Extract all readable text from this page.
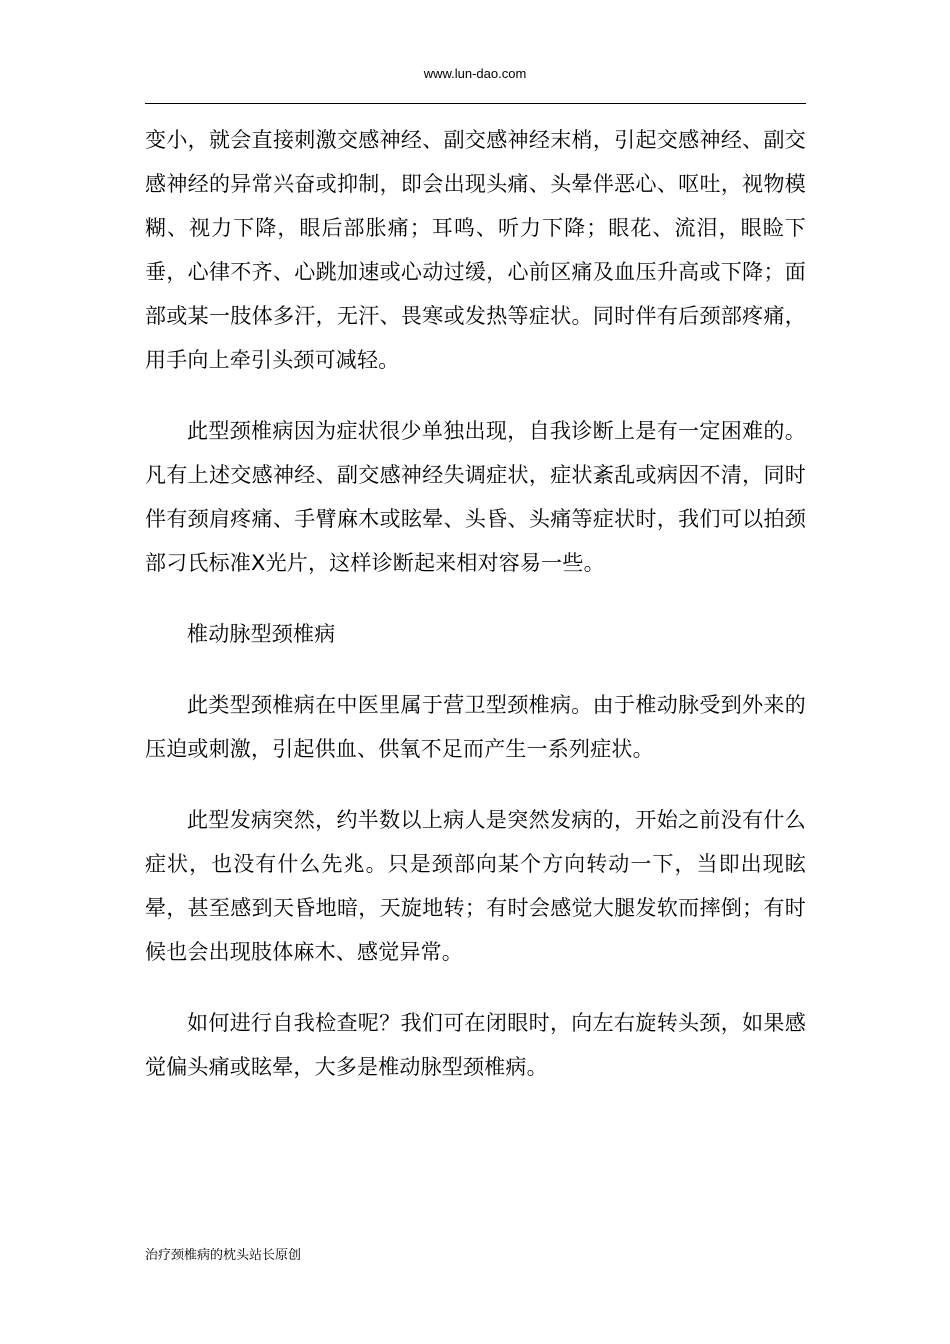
www.lun-dao.com

变小，就会直接刺激交感神经、副交感神经末梢，引起交感神经、副交感神经的异常兴奋或抑制，即会出现头痛、头晕伴恶心、呕吐，视物模糊、视力下降，眼后部胀痛；耳鸣、听力下降；眼花、流泪，眼睑下垂，心律不齐、心跳加速或心动过缓，心前区痛及血压升高或下降；面部或某一肢体多汗，无汗、畏寒或发热等症状。同时伴有后颈部疼痛，用手向上牵引头颈可减轻。

此型颈椎病因为症状很少单独出现，自我诊断上是有一定困难的。凡有上述交感神经、副交感神经失调症状，症状紊乱或病因不清，同时伴有颈肩疼痛、手臂麻木或眩晕、头昏、头痛等症状时，我们可以拍颈部刁氏标准X光片，这样诊断起来相对容易一些。

椎动脉型颈椎病

此类型颈椎病在中医里属于营卫型颈椎病。由于椎动脉受到外来的压迫或刺激，引起供血、供氧不足而产生一系列症状。

此型发病突然，约半数以上病人是突然发病的，开始之前没有什么症状，也没有什么先兆。只是颈部向某个方向转动一下，当即出现眩晕，甚至感到天昏地暗，天旋地转；有时会感觉大腿发软而摔倒；有时候也会出现肢体麻木、感觉异常。

如何进行自我检查呢？我们可在闭眼时，向左右旋转头颈，如果感觉偏头痛或眩晕，大多是椎动脉型颈椎病。

治疗颈椎病的枕头站长原创
